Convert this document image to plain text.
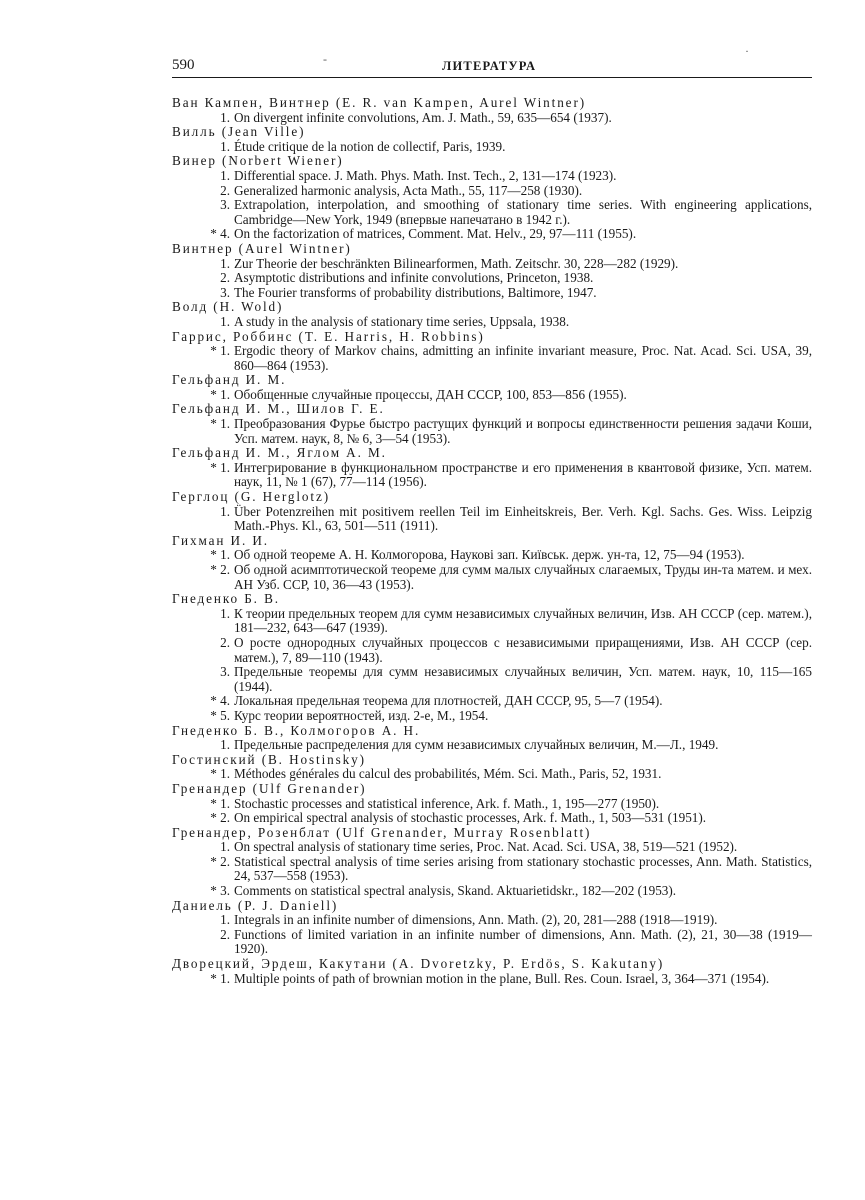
·
-
590	ЛИТЕРАТУРА
Ван Кампен, Винтнер (E. R. van Kampen, Aurel Wintner)
1. On divergent infinite convolutions, Am. J. Math., 59, 635—654 (1937).
Вилль (Jean Ville)
1. Étude critique de la notion de collectif, Paris, 1939.
Винер (Norbert Wiener)
1. Differential space. J. Math. Phys. Math. Inst. Tech., 2, 131—174 (1923).
2. Generalized harmonic analysis, Acta Math., 55, 117—258 (1930).
3. Extrapolation, interpolation, and smoothing of stationary time series. With engineering applications, Cambridge—New York, 1949 (впервые напечатано в 1942 г.).
* 4. On the factorization of matrices, Comment. Mat. Helv., 29, 97—111 (1955).
Винтнер (Aurel Wintner)
1. Zur Theorie der beschränkten Bilinearformen, Math. Zeitschr. 30, 228—282 (1929).
2. Asymptotic distributions and infinite convolutions, Princeton, 1938.
3. The Fourier transforms of probability distributions, Baltimore, 1947.
Волд (H. Wold)
1. A study in the analysis of stationary time series, Uppsala, 1938.
Гаррис, Роббинс (T. E. Harris, H. Robbins)
* 1. Ergodic theory of Markov chains, admitting an infinite invariant measure, Proc. Nat. Acad. Sci. USA, 39, 860—864 (1953).
Гельфанд И. М.
* 1. Обобщенные случайные процессы, ДАН СССР, 100, 853—856 (1955).
Гельфанд И. М., Шилов Г. Е.
* 1. Преобразования Фурье быстро растущих функций и вопросы единственности решения задачи Коши, Усп. матем. наук, 8, № 6, 3—54 (1953).
Гельфанд И. М., Яглом А. М.
* 1. Интегрирование в функциональном пространстве и его применения в квантовой физике, Усп. матем. наук, 11, № 1 (67), 77—114 (1956).
Герглоц (G. Herglotz)
1. Über Potenzreihen mit positivem reellen Teil im Einheitskreis, Ber. Verh. Kgl. Sachs. Ges. Wiss. Leipzig Math.-Phys. Kl., 63, 501—511 (1911).
Гихман И. И.
* 1. Об одной теореме А. Н. Колмогорова, Наукові зап. Київськ. держ. ун-та, 12, 75—94 (1953).
* 2. Об одной асимптотической теореме для сумм малых случайных слагаемых, Труды ин-та матем. и мех. АН Узб. ССР, 10, 36—43 (1953).
Гнеденко Б. В.
1. К теории предельных теорем для сумм независимых случайных величин, Изв. АН СССР (сер. матем.), 181—232, 643—647 (1939).
2. О росте однородных случайных процессов с независимыми приращениями, Изв. АН СССР (сер. матем.), 7, 89—110 (1943).
3. Предельные теоремы для сумм независимых случайных величин, Усп. матем. наук, 10, 115—165 (1944).
* 4. Локальная предельная теорема для плотностей, ДАН СССР, 95, 5—7 (1954).
* 5. Курс теории вероятностей, изд. 2-е, М., 1954.
Гнеденко Б. В., Колмогоров А. Н.
1. Предельные распределения для сумм независимых случайных величин, М.—Л., 1949.
Гостинский (B. Hostinsky)
* 1. Méthodes générales du calcul des probabilités, Mém. Sci. Math., Paris, 52, 1931.
Гренандер (Ulf Grenander)
* 1. Stochastic processes and statistical inference, Ark. f. Math., 1, 195—277 (1950).
* 2. On empirical spectral analysis of stochastic processes, Ark. f. Math., 1, 503—531 (1951).
Гренандер, Розенблат (Ulf Grenander, Murray Rosenblatt)
1. On spectral analysis of stationary time series, Proc. Nat. Acad. Sci. USA, 38, 519—521 (1952).
* 2. Statistical spectral analysis of time series arising from stationary stochastic processes, Ann. Math. Statistics, 24, 537—558 (1953).
* 3. Comments on statistical spectral analysis, Skand. Aktuarietidskr., 182—202 (1953).
Даниель (P. J. Daniell)
1. Integrals in an infinite number of dimensions, Ann. Math. (2), 20, 281—288 (1918—1919).
2. Functions of limited variation in an infinite number of dimensions, Ann. Math. (2), 21, 30—38 (1919—1920).
Дворецкий, Эрдеш, Какутани (A. Dvoretzky, P. Erdös, S. Kakutany)
* 1. Multiple points of path of brownian motion in the plane, Bull. Res. Coun. Israel, 3, 364—371 (1954).
